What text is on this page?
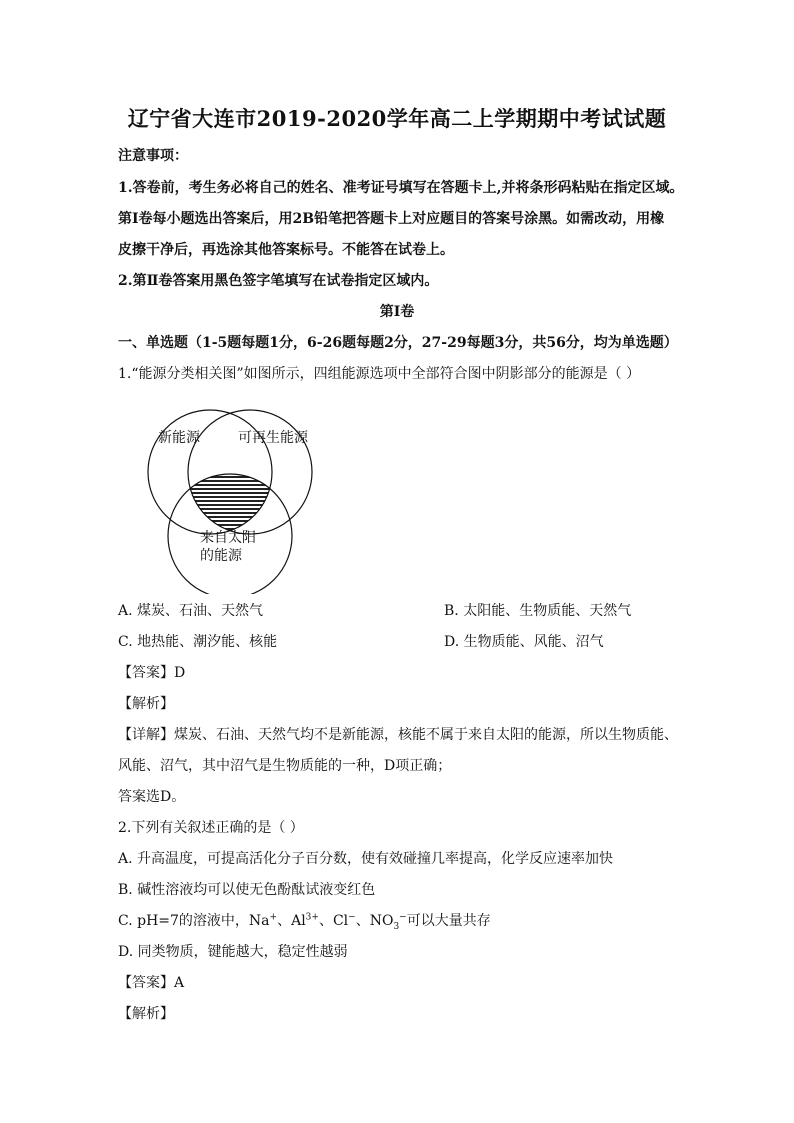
辽宁省大连市2019-2020学年高二上学期期中考试试题
注意事项：
1.答卷前，考生务必将自己的姓名、准考证号填写在答题卡上,并将条形码粘贴在指定区域。
第Ⅰ卷每小题选出答案后，用2B铅笔把答题卡上对应题目的答案号涂黑。如需改动，用橡
皮擦干净后，再选涂其他答案标号。不能答在试卷上。
2.第Ⅱ卷答案用黑色签字笔填写在试卷指定区域内。
第Ⅰ卷
一、单选题（1-5题每题1分，6-26题每题2分，27-29每题3分，共56分，均为单选题）
1.“能源分类相关图”如图所示，四组能源选项中全部符合图中阴影部分的能源是（ ）
新能源	可再生能源
来自太阳
的能源
A. 煤炭、石油、天然气	B. 太阳能、生物质能、天然气
C. 地热能、潮汐能、核能	D. 生物质能、风能、沼气
【答案】D
【解析】
【详解】煤炭、石油、天然气均不是新能源，核能不属于来自太阳的能源，所以生物质能、
风能、沼气，其中沼气是生物质能的一种，D项正确；
答案选D。
2.下列有关叙述正确的是（ ）
A. 升高温度，可提高活化分子百分数，使有效碰撞几率提高，化学反应速率加快
B. 碱性溶液均可以使无色酚酞试液变红色
C. pH=7的溶液中，Na+、$Al^{3+}$、Cl−、$NO_3^-$可以大量共存
D. 同类物质，键能越大，稳定性越弱
【答案】A
【解析】
